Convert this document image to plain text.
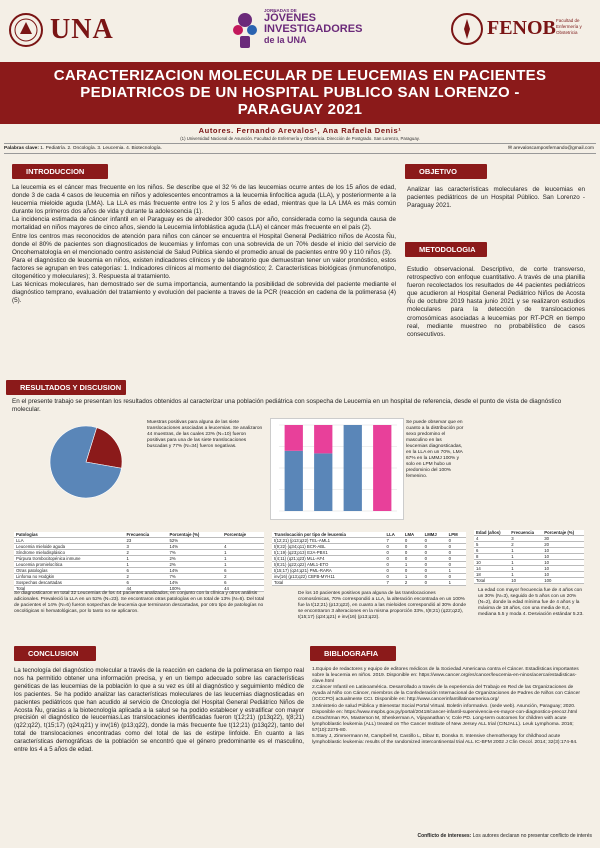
UNA
JORNADAS DE
JÓVENES
INVESTIGADORES
de la UNA
FENOB Facultad de
Enfermería y
Obstetricia
CARACTERIZACION MOLECULAR DE LEUCEMIAS EN PACIENTES
PEDIATRICOS DE UN HOSPITAL PUBLICO SAN LORENZO -
PARAGUAY 2021
Autores. Fernando Arevalos¹, Ana Rafaela Denis¹
(1) Universidad Nacional de Asunción. Facultad de Enfermería y Obstetricia. Dirección de Postgrado. San Lorenzo, Paraguay.
Palabras clave: 1. Pediatría. 2. Oncología. 3. Leucemia. 4. Biotecnología.	✉ arevaloscamposfernando@gmail.com
INTRODUCCION
La leucemia es el cáncer mas frecuente en los niños. Se describe que el 32 % de las leucemias ocurre antes de los 15 años de edad, donde 3 de cada 4 casos de leucemia en niños y adolescentes encontramos a la leucemia linfocítica aguda (LLA), y posteriormente a la leucemia mieloide aguda (LMA). La LLA es más frecuente entre los 2 y los 5 años de edad, mientras que la LA LMA es más común durante los primeros dos años de vida y durante la adolescencia (1).
La incidencia estimada de cáncer infantil en el Paraguay es de alrededor 300 casos por año, considerada como la segunda causa de mortalidad en niños mayores de cinco años, siendo la Leucemia linfoblástica aguda (LLA) el cáncer más frecuente en el país (2).
Entre los centros mas reconocidos de atención para niños con cáncer se encuentra el Hospital General Pediátrico niños de Acosta Ñu, donde el 80% de pacientes son diagnosticados de leucemias y linfomas con una sobrevida de un 70% desde el inicio del servicio de Oncohematología en el mencionado centro asistencial de Salud Pública siendo el promedio anual de pacientes entre 90 y 110 niños (3).
Para el diagnóstico de leucemia en niños, existen indicadores clínicos y de laboratorio que demuestran tener un valor pronóstico, estos factores se agrupan en tres categorías: 1. Indicadores clínicos al momento del diagnóstico; 2. Características biológicas (inmunofenotipo, citogenético y moleculares); 3. Respuesta al tratamiento.
Las técnicas moleculares, han demostrado ser de suma importancia, aumentando la posibilidad de sobrevida del paciente mediante el diagnóstico temprano, evaluación del tratamiento y evolución del paciente a traves de la PCR (reacción en cadena de la polimerasa (4) (5).
OBJETIVO
Analizar las características moleculares de leucemias en pacientes pediátricos de un Hospital Público. San Lorenzo - Paraguay 2021.
METODOLOGIA
Estudio observacional. Descriptivo, de corte transverso, retrospectivo con enfoque cuantitativo. A través de una planilla fueron recolectados los resultados de 44 pacientes pediátricos que acudieron al Hospital General Pediátrico Niños de Acosta Ñu de octubre 2019 hasta junio 2021 y se realizaron estudios moleculares para la detección de translocaciones cromosómicas asociadas a leucemias por RT-PCR en tiempo real, mediante muestreo no probabilístico de casos consecutivos.
RESULTADOS Y DISCUSION
En el presente trabajo se presentan los resultados obtenidos al caracterizar una población pediátrica con sospecha de Leucemia en un hospital de referencia, desde el punto de vista de diagnóstico molecular.
Muestras positivas para alguna de las siete translocaciones asociadas a leucemias. Se analizaron 44 muestras, de las cuales 23% (N=10) fueron positivas para una de las siete translocaciones buscadas y 77% (N=34) fueron negativas.
Se puede observar que en cuanto a la distribución por sexo predomino el masculino en las leucemias diagnosticadas, en la LLA en un 70%, LMA 67% en la LMMJ 100% y solo en LPM hubo un predominio del 100% femenino.
Patologías	Frecuencia	Porcentaje (%)	Porcentaje
LLA	23	52%	
Leucemia mieloide aguda	3	14%	4
Síndrome mielodisplásico	2	7%	1
Púrpura trombocitopénica inmune	1	2%	1
Leucemia promielocítica	1	2%	1
Otras patologías	6	14%	6
Linfoma no Hodgkin	2	7%	2
Sospechas descartadas	6	14%	6
Total	44	100%	44
Se diagnosticaron en total 32 Leucemias de los 44 pacientes analizados, en conjunto con la clínica y otros análisis adicionales. Prevaleció la LLA en un 52% (N=23). Se encontraron otras patologías en un total de 13% (N=6). Del total de pacientes el 14% (N=6) fueron sospechas de leucemia que terminaron descartadas, por otro tipo de patologías no oncológicas ni hematológicas, por lo tanto no se aplicaron.
Translocación por tipo de leucemia	LLA	LMA	LMMJ	LPM
t(12;21) (p13;q22) TEL-AML1	7	0	0	0
t(9;22) (q34;q11) BCR-ABL	0	0	0	0
t(1;19) (q23;p13) E2A-PBX1	0	0	0	0
t(4;11) (q21;q23) MLL-AF4	0	0	0	0
t(8;21) (q22;q22) AML1-ETO	0	1	0	0
t(15;17) (q24;q21) PML-RARA	0	0	0	1
inv(16) (p13;q22) CBFB-MYH11	0	1	0	0
Total	7	2	0	1
De los 10 pacientes positivos para alguna de las translocaciones cromosómicas, 70% correspondió a LLA, la alteración encontrada en un 100% fue la t(12;21) (p13;q22), en cuanto a las mieloides correspondió al 30% donde se encontraron 3 alteraciones en la misma proporción 33%, t(8;21) (q22;q22), t(15;17) (q24;q21) e inv(16) (p13;q22).
Edad (años)	Frecuencia	Porcentaje (%)
4	3	30
5	2	20
6	1	10
8	1	10
10	1	10
14	1	10
18	1	10
Total	10	100
La edad con mayor frecuencia fue de 4 años con un 30% (N=3), seguido de 5 años con un 20% (N=2), donde la edad mínima fue de 4 años y la máxima de 18 años, con una media de 8,4, mediana 5.5 y moda 4. Desviación estándar 5.23.
CONCLUSION
La tecnología del diagnóstico molecular a través de la reacción en cadena de la polimerasa en tiempo real nos ha permitido obtener una información precisa, y en un tiempo adecuado sobre las características genéticas de las leucemias de la población lo que a su vez es útil al diagnóstico y seguimiento médico de los pacientes. Se ha podido analizar las características moleculares de las leucemias diagnosticadas en pacientes pediátricos que han acudido al servicio de Oncología del Hospital General Pediátrico Niños de Acosta Ñu, gracias a la biotecnología aplicada a la salud se ha podido establecer y estratificar con mayor precisión el diagnóstico de leucemias.Las translocaciones identificadas fueron t(12;21) (p13q22), t(8;21) (q22;q22), t(15;17) (q24;q21) y inv(16) (p13;q22), donde la más frecuente fue t(12;21) (p13q22), tanto del total de translocaciones encontradas como del total de las de estirpe linfoide. En cuanto a las características demográficas de la población se encontró que el género predominante es el masculino, entre los 4 a 5 años de edad.
BIBLIOGRAFIA
1.Equipo de redactores y equipo de editores médicos de la Sociedad Americana contra el Cáncer. Estadísticas importantes sobre la leucemia en niños. 2019. Disponible en: https://www.cancer.org/es/cancer/leucemia-en-ninos/acerca/estadisticas-clave.html
2.Cáncer Infantil en Latinoamérica. Desarrollado a través de la experiencia del Trabajo en Red de las Organizaciones de Ayuda al Niño con Cáncer, miembros de la Confederación Internacional de Organizaciones de Padres de Niños con Cáncer (ICCCPO) actualmente CCI. Disponible en: http://www.cancerinfantillatinoamerica.org/
3.Ministerio de salud Pública y Bienestar Social Portal Virtual. Boletín informativo. (sede web). Asunción, Paraguay; 2020. Disponible en: https://www.mspbs.gov.py/portal/20418/cancer-infantil-supervivencia-es-mayor-con-diagnostico-precoz.html
4.Drachtman RA, Masterson M, Shenkerman A, Vijayanathan V, Cole PD. Long-term outcomes for children with acute lymphoblastic leukemia (ALL) treated on The Cancer Institute of New Jersey ALL trial (CINJALL). Leuk Lymphoma. 2016; 57(10):2275-80.
5.Stary J, Zimmermann M, Campbell M, Castillo L, Dibar E, Donska S. Intensive chemotherapy for childhood acute lymphoblastic leukemia: results of the randomized intercontinental trial ALL IC-BFM 2002 J Clin Oncol. 2014; 32(3):174-84.
Conflicto de intereses: Los autores declaran no presentar conflicto de interés
